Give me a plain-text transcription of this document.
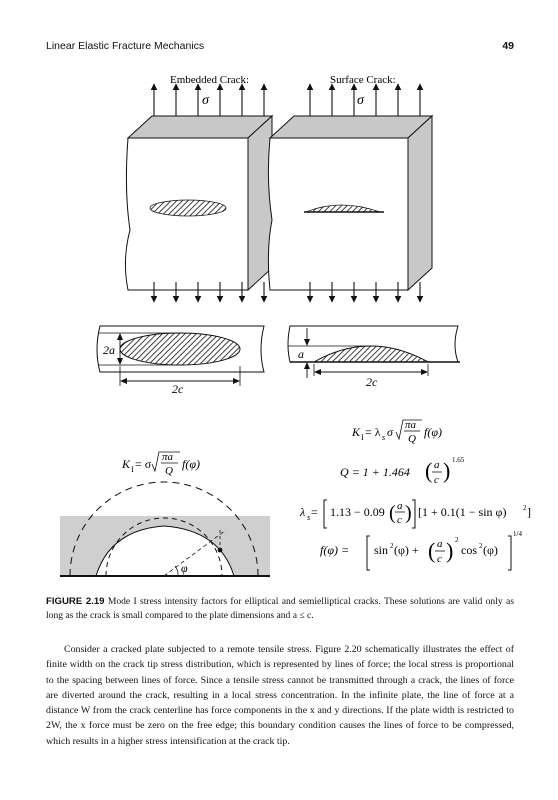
Linear Elastic Fracture Mechanics	49
Embedded Crack:	Surface Crack:
σ	σ
2a
2c
a
2c
K I = λ s σ πa
Q f(φ)
K I = σ πa
Q f(φ)
Q = 1 + 1.464 ( a
c ) 1.65
λ s = 1.13 − 0.09 ( a
c ) [1 + 0.1(1 − sin φ) 2 ]
f(φ) = sin 2 (φ) + ( a
c ) 2
cos 2 (φ)
1/4
φ
FIGURE 2.19 Mode I stress intensity factors for elliptical and semielliptical cracks. These solutions are valid only as long as the crack is small compared to the plate dimensions and a ≤ c.

Consider a cracked plate subjected to a remote tensile stress. Figure 2.20 schematically illustrates the effect of finite width on the crack tip stress distribution, which is represented by lines of force; the local stress is proportional to the spacing between lines of force. Since a tensile stress cannot be transmitted through a crack, the lines of force are diverted around the crack, resulting in a local stress concentration. In the infinite plate, the line of force at a distance W from the crack centerline has force components in the x and y directions. If the plate width is restricted to 2W, the x force must be zero on the free edge; this boundary condition causes the lines of force to be compressed, which results in a higher stress intensification at the crack tip.
